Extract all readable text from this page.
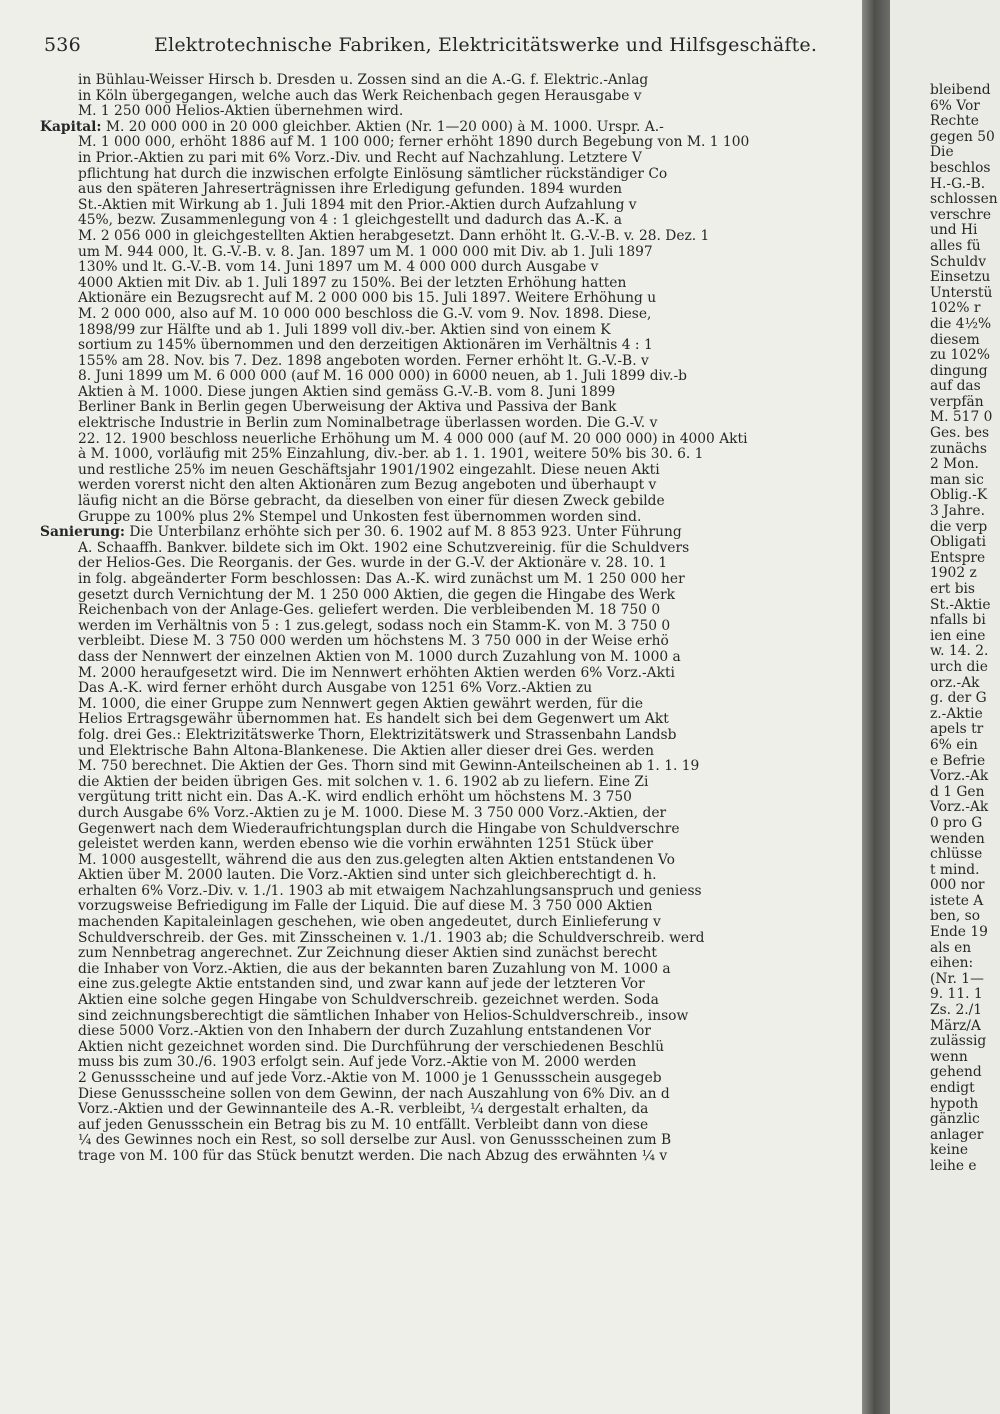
536	Elektrotechnische Fabriken, Elektricitätswerke und Hilfsgeschäfte.
in Bühlau-Weisser Hirsch b. Dresden u. Zossen sind an die A.-G. f. Elektric.-Anlag
in Köln übergegangen, welche auch das Werk Reichenbach gegen Herausgabe v
M. 1 250 000 Helios-Aktien übernehmen wird.
Kapital: M. 20 000 000 in 20 000 gleichber. Aktien (Nr. 1—20 000) à M. 1000. Urspr. A.-
M. 1 000 000, erhöht 1886 auf M. 1 100 000; ferner erhöht 1890 durch Begebung von M. 1 100
in Prior.-Aktien zu pari mit 6% Vorz.-Div. und Recht auf Nachzahlung. Letztere V
pflichtung hat durch die inzwischen erfolgte Einlösung sämtlicher rückständiger Co
aus den späteren Jahreserträgnissen ihre Erledigung gefunden. 1894 wurden
St.-Aktien mit Wirkung ab 1. Juli 1894 mit den Prior.-Aktien durch Aufzahlung v
45%, bezw. Zusammenlegung von 4 : 1 gleichgestellt und dadurch das A.-K. a
M. 2 056 000 in gleichgestellten Aktien herabgesetzt. Dann erhöht lt. G.-V.-B. v. 28. Dez. 1
um M. 944 000, lt. G.-V.-B. v. 8. Jan. 1897 um M. 1 000 000 mit Div. ab 1. Juli 1897
130% und lt. G.-V.-B. vom 14. Juni 1897 um M. 4 000 000 durch Ausgabe v
4000 Aktien mit Div. ab 1. Juli 1897 zu 150%. Bei der letzten Erhöhung hatten
Aktionäre ein Bezugsrecht auf M. 2 000 000 bis 15. Juli 1897. Weitere Erhöhung u
M. 2 000 000, also auf M. 10 000 000 beschloss die G.-V. vom 9. Nov. 1898. Diese,
1898/99 zur Hälfte und ab 1. Juli 1899 voll div.-ber. Aktien sind von einem K
sortium zu 145% übernommen und den derzeitigen Aktionären im Verhältnis 4 : 1
155% am 28. Nov. bis 7. Dez. 1898 angeboten worden. Ferner erhöht lt. G.-V.-B. v
8. Juni 1899 um M. 6 000 000 (auf M. 16 000 000) in 6000 neuen, ab 1. Juli 1899 div.-b
Aktien à M. 1000. Diese jungen Aktien sind gemäss G.-V.-B. vom 8. Juni 1899
Berliner Bank in Berlin gegen Überweisung der Aktiva und Passiva der Bank
elektrische Industrie in Berlin zum Nominalbetrage überlassen worden. Die G.-V. v
22. 12. 1900 beschloss neuerliche Erhöhung um M. 4 000 000 (auf M. 20 000 000) in 4000 Akti
à M. 1000, vorläufig mit 25% Einzahlung, div.-ber. ab 1. 1. 1901, weitere 50% bis 30. 6. 1
und restliche 25% im neuen Geschäftsjahr 1901/1902 eingezahlt. Diese neuen Akti
werden vorerst nicht den alten Aktionären zum Bezug angeboten und überhaupt v
läufig nicht an die Börse gebracht, da dieselben von einer für diesen Zweck gebilde
Gruppe zu 100% plus 2% Stempel und Unkosten fest übernommen worden sind.
Sanierung: Die Unterbilanz erhöhte sich per 30. 6. 1902 auf M. 8 853 923. Unter Führung
A. Schaaffh. Bankver. bildete sich im Okt. 1902 eine Schutzvereinig. für die Schuldvers
der Helios-Ges. Die Reorganis. der Ges. wurde in der G.-V. der Aktionäre v. 28. 10. 1
in folg. abgeänderter Form beschlossen: Das A.-K. wird zunächst um M. 1 250 000 her
gesetzt durch Vernichtung der M. 1 250 000 Aktien, die gegen die Hingabe des Werk
Reichenbach von der Anlage-Ges. geliefert werden. Die verbleibenden M. 18 750 0
werden im Verhältnis von 5 : 1 zus.gelegt, sodass noch ein Stamm-K. von M. 3 750 0
verbleibt. Diese M. 3 750 000 werden um höchstens M. 3 750 000 in der Weise erhö
dass der Nennwert der einzelnen Aktien von M. 1000 durch Zuzahlung von M. 1000 a
M. 2000 heraufgesetzt wird. Die im Nennwert erhöhten Aktien werden 6% Vorz.-Akti
Das A.-K. wird ferner erhöht durch Ausgabe von 1251 6% Vorz.-Aktien zu
M. 1000, die einer Gruppe zum Nennwert gegen Aktien gewährt werden, für die
Helios Ertragsgewähr übernommen hat. Es handelt sich bei dem Gegenwert um Akt
folg. drei Ges.: Elektrizitätswerke Thorn, Elektrizitätswerk und Strassenbahn Landsb
und Elektrische Bahn Altona-Blankenese. Die Aktien aller dieser drei Ges. werden
M. 750 berechnet. Die Aktien der Ges. Thorn sind mit Gewinn-Anteilscheinen ab 1. 1. 19
die Aktien der beiden übrigen Ges. mit solchen v. 1. 6. 1902 ab zu liefern. Eine Zi
vergütung tritt nicht ein. Das A.-K. wird endlich erhöht um höchstens M. 3 750
durch Ausgabe 6% Vorz.-Aktien zu je M. 1000. Diese M. 3 750 000 Vorz.-Aktien, der
Gegenwert nach dem Wiederaufrichtungsplan durch die Hingabe von Schuldverschre
geleistet werden kann, werden ebenso wie die vorhin erwähnten 1251 Stück über
M. 1000 ausgestellt, während die aus den zus.gelegten alten Aktien entstandenen Vo
Aktien über M. 2000 lauten. Die Vorz.-Aktien sind unter sich gleichberechtigt d. h.
erhalten 6% Vorz.-Div. v. 1./1. 1903 ab mit etwaigem Nachzahlungsanspruch und geniess
vorzugsweise Befriedigung im Falle der Liquid. Die auf diese M. 3 750 000 Aktien
machenden Kapitaleinlagen geschehen, wie oben angedeutet, durch Einlieferung v
Schuldverschreib. der Ges. mit Zinsscheinen v. 1./1. 1903 ab; die Schuldverschreib. werd
zum Nennbetrag angerechnet. Zur Zeichnung dieser Aktien sind zunächst berecht
die Inhaber von Vorz.-Aktien, die aus der bekannten baren Zuzahlung von M. 1000 a
eine zus.gelegte Aktie entstanden sind, und zwar kann auf jede der letzteren Vor
Aktien eine solche gegen Hingabe von Schuldverschreib. gezeichnet werden. Soda
sind zeichnungsberechtigt die sämtlichen Inhaber von Helios-Schuldverschreib., insow
diese 5000 Vorz.-Aktien von den Inhabern der durch Zuzahlung entstandenen Vor
Aktien nicht gezeichnet worden sind. Die Durchführung der verschiedenen Beschlü
muss bis zum 30./6. 1903 erfolgt sein. Auf jede Vorz.-Aktie von M. 2000 werden
2 Genussscheine und auf jede Vorz.-Aktie von M. 1000 je 1 Genussschein ausgegeb
Diese Genussscheine sollen von dem Gewinn, der nach Auszahlung von 6% Div. an d
Vorz.-Aktien und der Gewinnanteile des A.-R. verbleibt, ¼ dergestalt erhalten, da
auf jeden Genussschein ein Betrag bis zu M. 10 entfällt. Verbleibt dann von diese
¼ des Gewinnes noch ein Rest, so soll derselbe zur Ausl. von Genussscheinen zum B
trage von M. 100 für das Stück benutzt werden. Die nach Abzug des erwähnten ¼ v
bleibend
6% Vor
Rechte
gegen 50
Die
beschlos
H.-G.-B.
schlossen
verschre
und Hi
alles fü
Schuldv
Einsetzu
Unterstü
102% r
die 4½%
diesem
zu 102%
dingung
auf das
verpfän
M. 517 0
Ges. bes
zunächs
2 Mon.
man sic
Oblig.-K
3 Jahre.
die verp
Obligati
Entspre
1902 z
ert bis
St.-Aktie
nfalls bi
ien eine
w. 14. 2.
urch die
orz.-Ak
g. der G
z.-Aktie
apels tr
6% ein
e Befrie
Vorz.-Ak
d 1 Gen
Vorz.-Ak
0 pro G
wenden
chlüsse
t mind.
000 nor
istete A
ben, so
Ende 19
als en
eihen:
(Nr. 1—
9. 11. 1
Zs. 2./1
März/A
zulässig
wenn
gehend
endigt
hypoth
gänzlic
anlager
keine
leihe e
